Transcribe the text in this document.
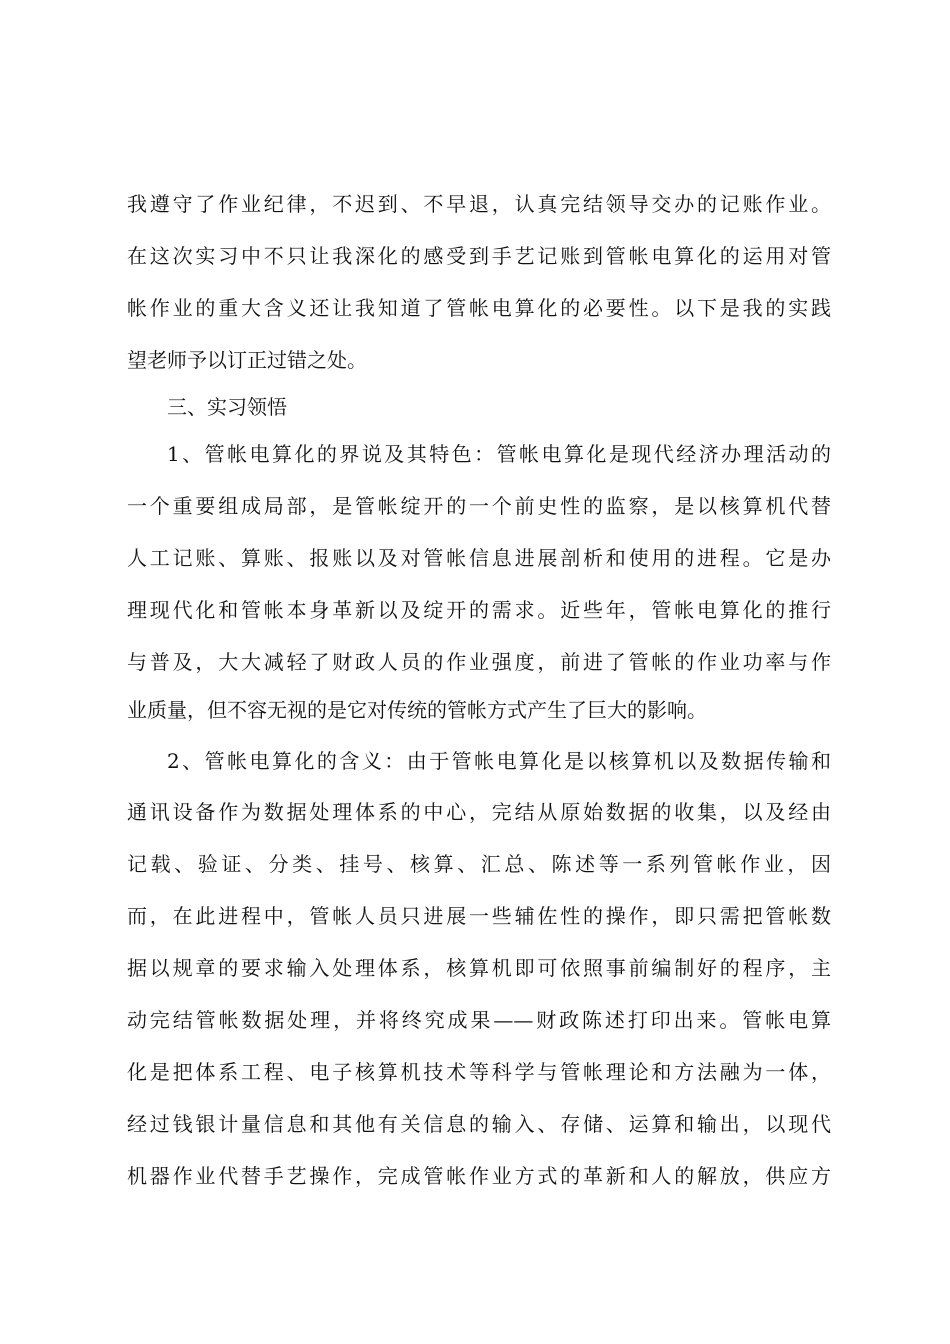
我遵守了作业纪律，不迟到、不早退，认真完结领导交办的记账作业。
在这次实习中不只让我深化的感受到手艺记账到管帐电算化的运用对管
帐作业的重大含义还让我知道了管帐电算化的必要性。以下是我的实践
望老师予以订正过错之处。
三、实习领悟
1、管帐电算化的界说及其特色：管帐电算化是现代经济办理活动的
一个重要组成局部，是管帐绽开的一个前史性的监察，是以核算机代替
人工记账、算账、报账以及对管帐信息进展剖析和使用的进程。它是办
理现代化和管帐本身革新以及绽开的需求。近些年，管帐电算化的推行
与普及，大大减轻了财政人员的作业强度，前进了管帐的作业功率与作
业质量，但不容无视的是它对传统的管帐方式产生了巨大的影响。
2、管帐电算化的含义：由于管帐电算化是以核算机以及数据传输和
通讯设备作为数据处理体系的中心，完结从原始数据的收集，以及经由
记载、验证、分类、挂号、核算、汇总、陈述等一系列管帐作业，因
而，在此进程中，管帐人员只进展一些辅佐性的操作，即只需把管帐数
据以规章的要求输入处理体系，核算机即可依照事前编制好的程序，主
动完结管帐数据处理，并将终究成果——财政陈述打印出来。管帐电算
化是把体系工程、电子核算机技术等科学与管帐理论和方法融为一体，
经过钱银计量信息和其他有关信息的输入、存储、运算和输出，以现代
机器作业代替手艺操作，完成管帐作业方式的革新和人的解放，供应方
